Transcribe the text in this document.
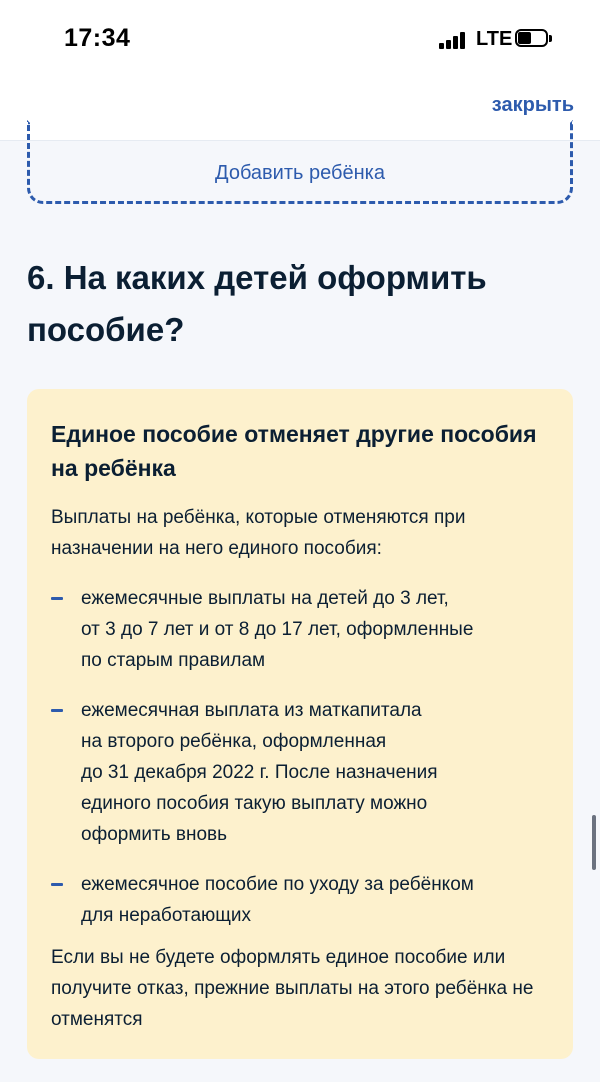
17:34	LTE
закрыть
Добавить ребёнка
6. На каких детей оформить пособие?
Единое пособие отменяет другие пособия на ребёнка

Выплаты на ребёнка, которые отменяются при назначении на него единого пособия:

ежемесячные выплаты на детей до 3 лет,
от 3 до 7 лет и от 8 до 17 лет, оформленные
по старым правилам
ежемесячная выплата из маткапитала
на второго ребёнка, оформленная
до 31 декабря 2022 г. После назначения
единого пособия такую выплату можно
оформить вновь
ежемесячное пособие по уходу за ребёнком
для неработающих

Если вы не будете оформлять единое пособие или получите отказ, прежние выплаты на этого ребёнка не отменятся
